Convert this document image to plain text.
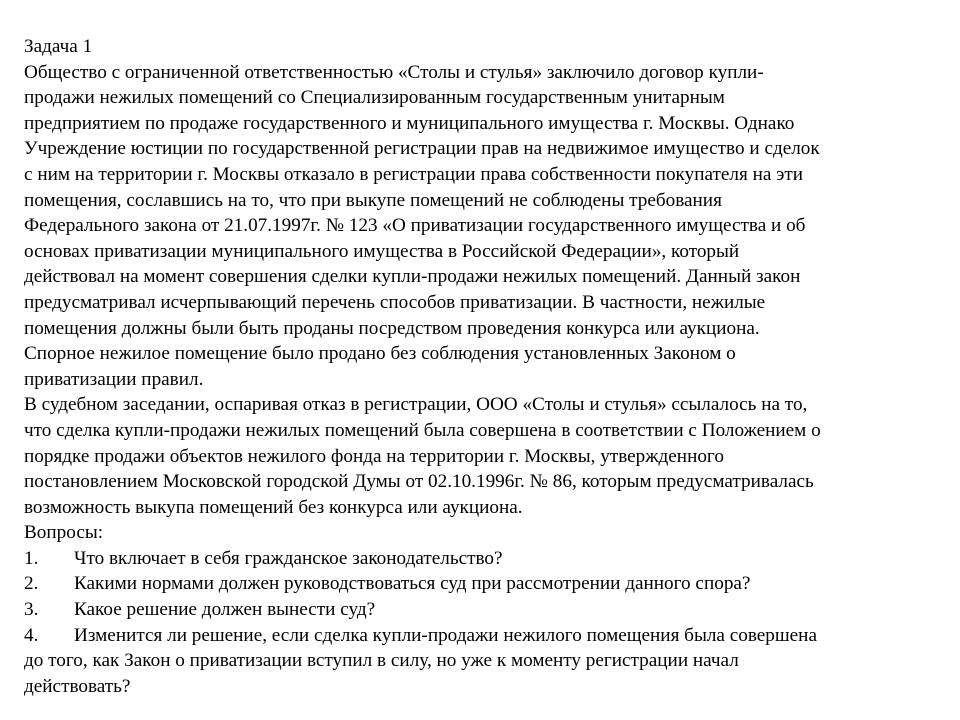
Задача 1
Общество с ограниченной ответственностью «Столы и стулья» заключило договор купли-
продажи нежилых помещений со Специализированным государственным унитарным
предприятием по продаже государственного и муниципального имущества г. Москвы. Однако
Учреждение юстиции по государственной регистрации прав на недвижимое имущество и сделок
с ним на территории г. Москвы отказало в регистрации права собственности покупателя на эти
помещения, сославшись на то, что при выкупе помещений не соблюдены требования
Федерального закона от 21.07.1997г. № 123 «О приватизации государственного имущества и об
основах приватизации муниципального имущества в Российской Федерации», который
действовал на момент совершения сделки купли-продажи нежилых помещений. Данный закон
предусматривал исчерпывающий перечень способов приватизации. В частности, нежилые
помещения должны были быть проданы посредством проведения конкурса или аукциона.
Спорное нежилое помещение было продано без соблюдения установленных Законом о
приватизации правил.
В судебном заседании, оспаривая отказ в регистрации, ООО «Столы и стулья» ссылалось на то,
что сделка купли-продажи нежилых помещений была совершена в соответствии с Положением о
порядке продажи объектов нежилого фонда на территории г. Москвы, утвержденного
постановлением Московской городской Думы от 02.10.1996г. № 86, которым предусматривалась
возможность выкупа помещений без конкурса или аукциона.
Вопросы:
1. Что включает в себя гражданское законодательство?
2. Какими нормами должен руководствоваться суд при рассмотрении данного спора?
3. Какое решение должен вынести суд?
4. Изменится ли решение, если сделка купли-продажи нежилого помещения была совершена
до того, как Закон о приватизации вступил в силу, но уже к моменту регистрации начал
действовать?
